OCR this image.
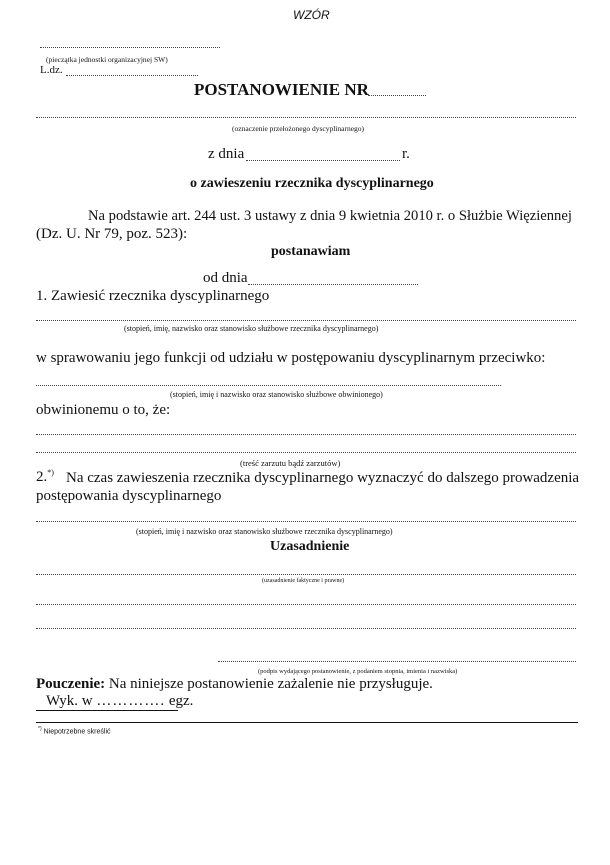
WZÓR
(pieczątka jednostki organizacyjnej SW)
L.dz.
POSTANOWIENIE NR
(oznaczenie przełożonego dyscyplinarnego)
z dnia	r.
o zawieszeniu rzecznika dyscyplinarnego
Na podstawie art. 244 ust. 3 ustawy z dnia 9 kwietnia 2010 r. o Służbie Więziennej
(Dz. U. Nr 79, poz. 523):
postanawiam
od dnia
1. Zawiesić rzecznika dyscyplinarnego
(stopień, imię, nazwisko oraz stanowisko służbowe rzecznika dyscyplinarnego)
w sprawowaniu jego funkcji od udziału w postępowaniu dyscyplinarnym przeciwko:
(stopień, imię i nazwisko oraz stanowisko służbowe obwinionego)
obwinionemu o to, że:
(treść zarzutu bądź zarzutów)
2.*) Na czas zawieszenia rzecznika dyscyplinarnego wyznaczyć do dalszego prowadzenia
postępowania dyscyplinarnego
(stopień, imię i nazwisko oraz stanowisko służbowe rzecznika dyscyplinarnego)
Uzasadnienie
(uzasadnienie faktyczne i prawne)
(podpis wydającego postanowienie, z podaniem stopnia, imienia i nazwiska)
Pouczenie: Na niniejsze postanowienie zażalenie nie przysługuje.
Wyk. w …………. egz.
*) Niepotrzebne skreślić
